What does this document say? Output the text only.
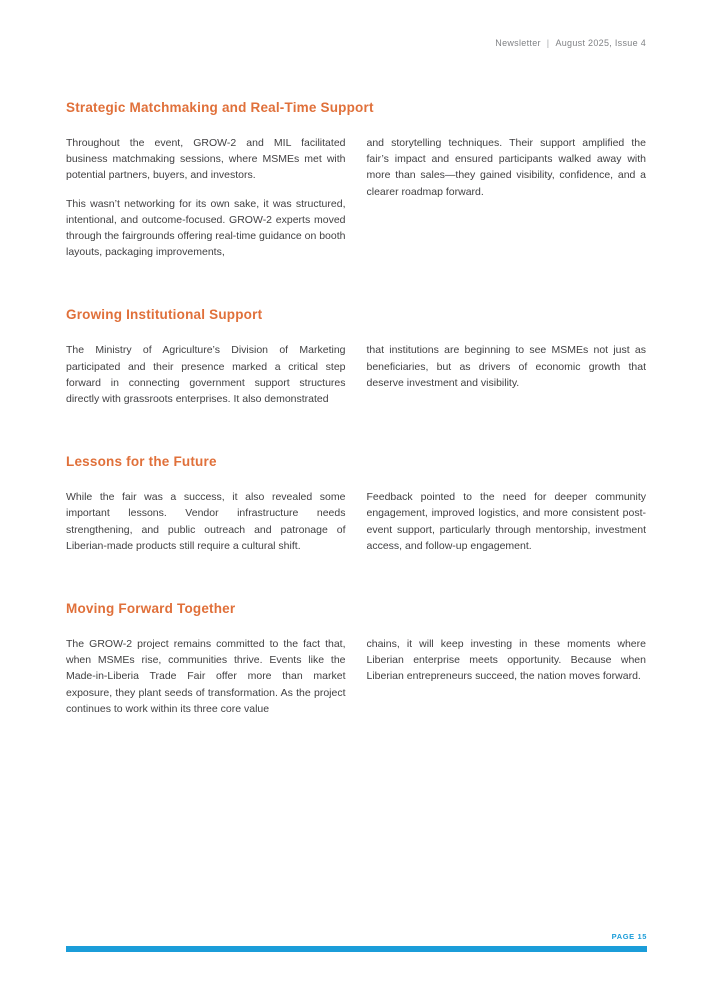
Newsletter | August 2025, Issue 4
Strategic Matchmaking and Real-Time Support

Throughout the event, GROW-2 and MIL facilitated business matchmaking sessions, where MSMEs met with potential partners, buyers, and investors.

This wasn’t networking for its own sake, it was structured, intentional, and outcome-focused. GROW-2 experts moved through the fairgrounds offering real-time guidance on booth layouts, packaging improvements,

and storytelling techniques. Their support amplified the fair’s impact and ensured participants walked away with more than sales—they gained visibility, confidence, and a clearer roadmap forward.

Growing Institutional Support

The Ministry of Agriculture’s Division of Marketing participated and their presence marked a critical step forward in connecting government support structures directly with grassroots enterprises. It also demonstrated

that institutions are beginning to see MSMEs not just as beneficiaries, but as drivers of economic growth that deserve investment and visibility.

Lessons for the Future

While the fair was a success, it also revealed some important lessons. Vendor infrastructure needs strengthening, and public outreach and patronage of Liberian-made products still require a cultural shift.

Feedback pointed to the need for deeper community engagement, improved logistics, and more consistent post-event support, particularly through mentorship, investment access, and follow-up engagement.

Moving Forward Together

The GROW-2 project remains committed to the fact that, when MSMEs rise, communities thrive. Events like the Made-in-Liberia Trade Fair offer more than market exposure, they plant seeds of transformation. As the project continues to work within its three core value

chains, it will keep investing in these moments where Liberian enterprise meets opportunity. Because when Liberian entrepreneurs succeed, the nation moves forward.

PAGE 15
